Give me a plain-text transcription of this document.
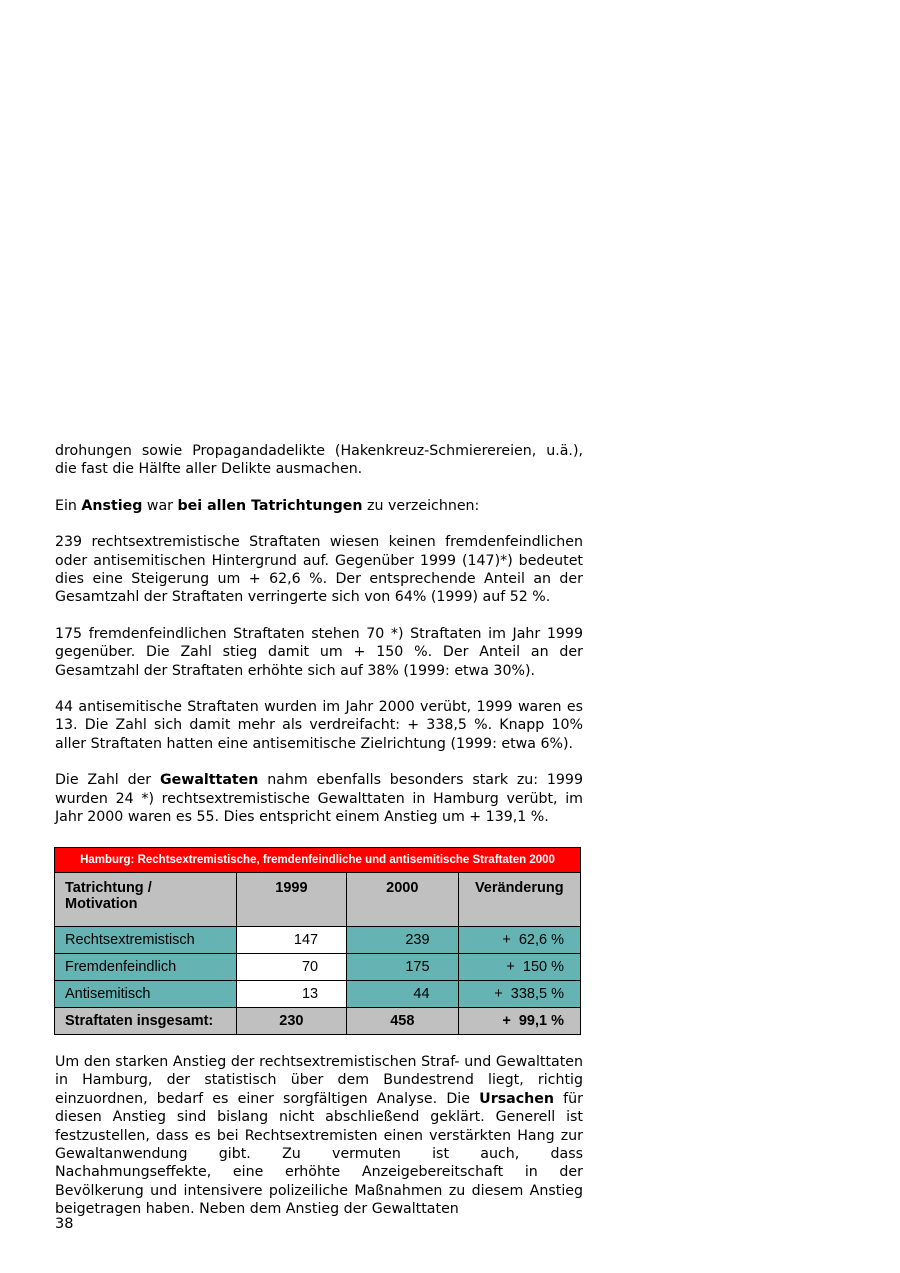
drohungen sowie Propagandadelikte (Hakenkreuz-Schmierereien, u.ä.), die fast die Hälfte aller Delikte ausmachen.

Ein Anstieg war bei allen Tatrichtungen zu verzeichnen:

239 rechtsextremistische Straftaten wiesen keinen fremdenfeindlichen oder antisemitischen Hintergrund auf. Gegenüber 1999 (147)*) bedeutet dies eine Steigerung um + 62,6 %. Der entsprechende Anteil an der Gesamtzahl der Straftaten verringerte sich von 64% (1999) auf 52 %.

175 fremdenfeindlichen Straftaten stehen 70 *) Straftaten im Jahr 1999 gegenüber. Die Zahl stieg damit um + 150 %. Der Anteil an der Gesamtzahl der Straftaten erhöhte sich auf 38% (1999: etwa 30%).

44 antisemitische Straftaten wurden im Jahr 2000 verübt, 1999 waren es 13. Die Zahl sich damit mehr als verdreifacht: + 338,5 %. Knapp 10% aller Straftaten hatten eine antisemitische Zielrichtung (1999: etwa 6%).

Die Zahl der Gewalttaten nahm ebenfalls besonders stark zu: 1999 wurden 24 *) rechtsextremistische Gewalttaten in Hamburg verübt, im Jahr 2000 waren es 55. Dies entspricht einem Anstieg um + 139,1 %.

Hamburg: Rechtsextremistische, fremdenfeindliche und antisemitische Straftaten 2000			
Tatrichtung / Motivation	1999	2000	Veränderung
Rechtsextremistisch	147	239	+  62,6 %
Fremdenfeindlich	70	175	+  150 %
Antisemitisch	13	44	+  338,5 %
Straftaten insgesamt:	230	458	+  99,1 %

Um den starken Anstieg der rechtsextremistischen Straf- und Gewalttaten in Hamburg, der statistisch über dem Bundestrend liegt, richtig einzuordnen, bedarf es einer sorgfältigen Analyse. Die Ursachen für diesen Anstieg sind bislang nicht abschließend geklärt. Generell ist festzustellen, dass es bei Rechtsextremisten einen verstärkten Hang zur Gewaltanwendung gibt. Zu vermuten ist auch, dass Nachahmungseffekte, eine erhöhte Anzeigebereitschaft in der Bevölkerung und intensivere polizeiliche Maßnahmen zu diesem Anstieg beigetragen haben. Neben dem Anstieg der Gewalttaten

38
